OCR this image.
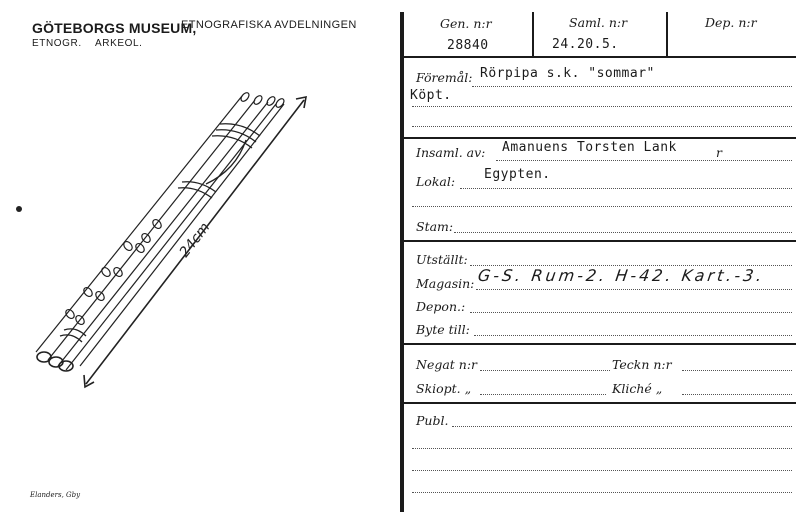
GÖTEBORGS MUSEUM,
ETNOGRAFISKA AVDELNINGEN
ETNOGR. ARKEOL.
Elanders, Gby
24cm
Gen. n:r	Saml. n:r	Dep. n:r
28840	24.20.5.
Föremål: Rörpipa s.k. "sommar"
Köpt.
Insaml. av: Amanuens Torsten Lank	r
Lokal: Egypten.
Stam:
Utställt:
Magasin: G-S. Rum-2. H-42. Kart.-3.
Depon.:
Byte till:
Negat n:r	Teckn n:r
Skiopt. „	Kliché „
Publ.
